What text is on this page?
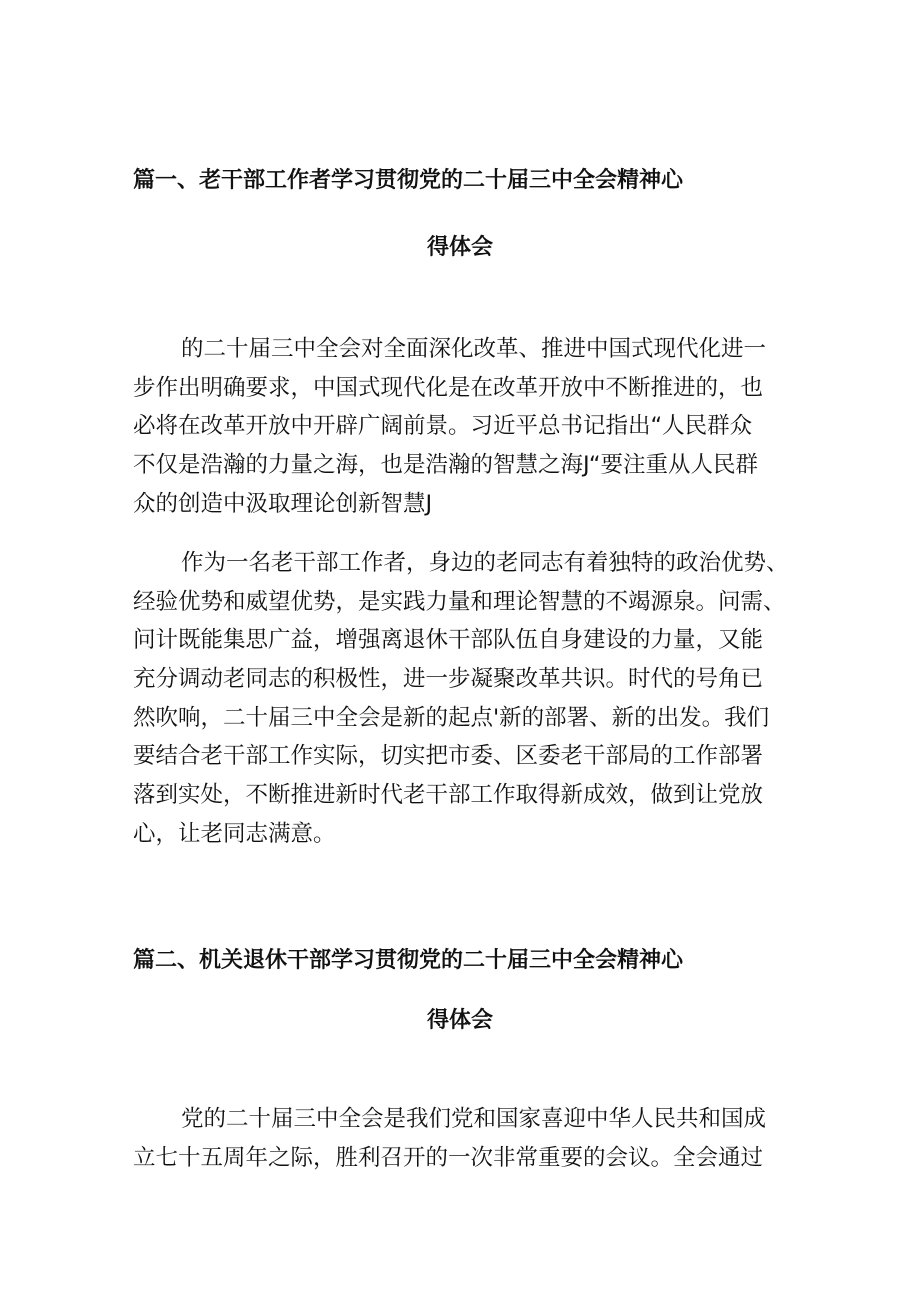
篇一、老干部工作者学习贯彻党的二十届三中全会精神心
得体会
的二十届三中全会对全面深化改革、推进中国式现代化进一
步作出明确要求，中国式现代化是在改革开放中不断推进的，也
必将在改革开放中开辟广阔前景。习近平总书记指出“人民群众
不仅是浩瀚的力量之海，也是浩瀚的智慧之海J“要注重从人民群
众的创造中汲取理论创新智慧J
作为一名老干部工作者，身边的老同志有着独特的政治优势、
经验优势和威望优势，是实践力量和理论智慧的不竭源泉。问需、
问计既能集思广益，增强离退休干部队伍自身建设的力量，又能
充分调动老同志的积极性，进一步凝聚改革共识。时代的号角已
然吹响，二十届三中全会是新的起点'新的部署、新的出发。我们
要结合老干部工作实际，切实把市委、区委老干部局的工作部署
落到实处，不断推进新时代老干部工作取得新成效，做到让党放
心，让老同志满意。
篇二、机关退休干部学习贯彻党的二十届三中全会精神心
得体会
党的二十届三中全会是我们党和国家喜迎中华人民共和国成
立七十五周年之际，胜利召开的一次非常重要的会议。全会通过
